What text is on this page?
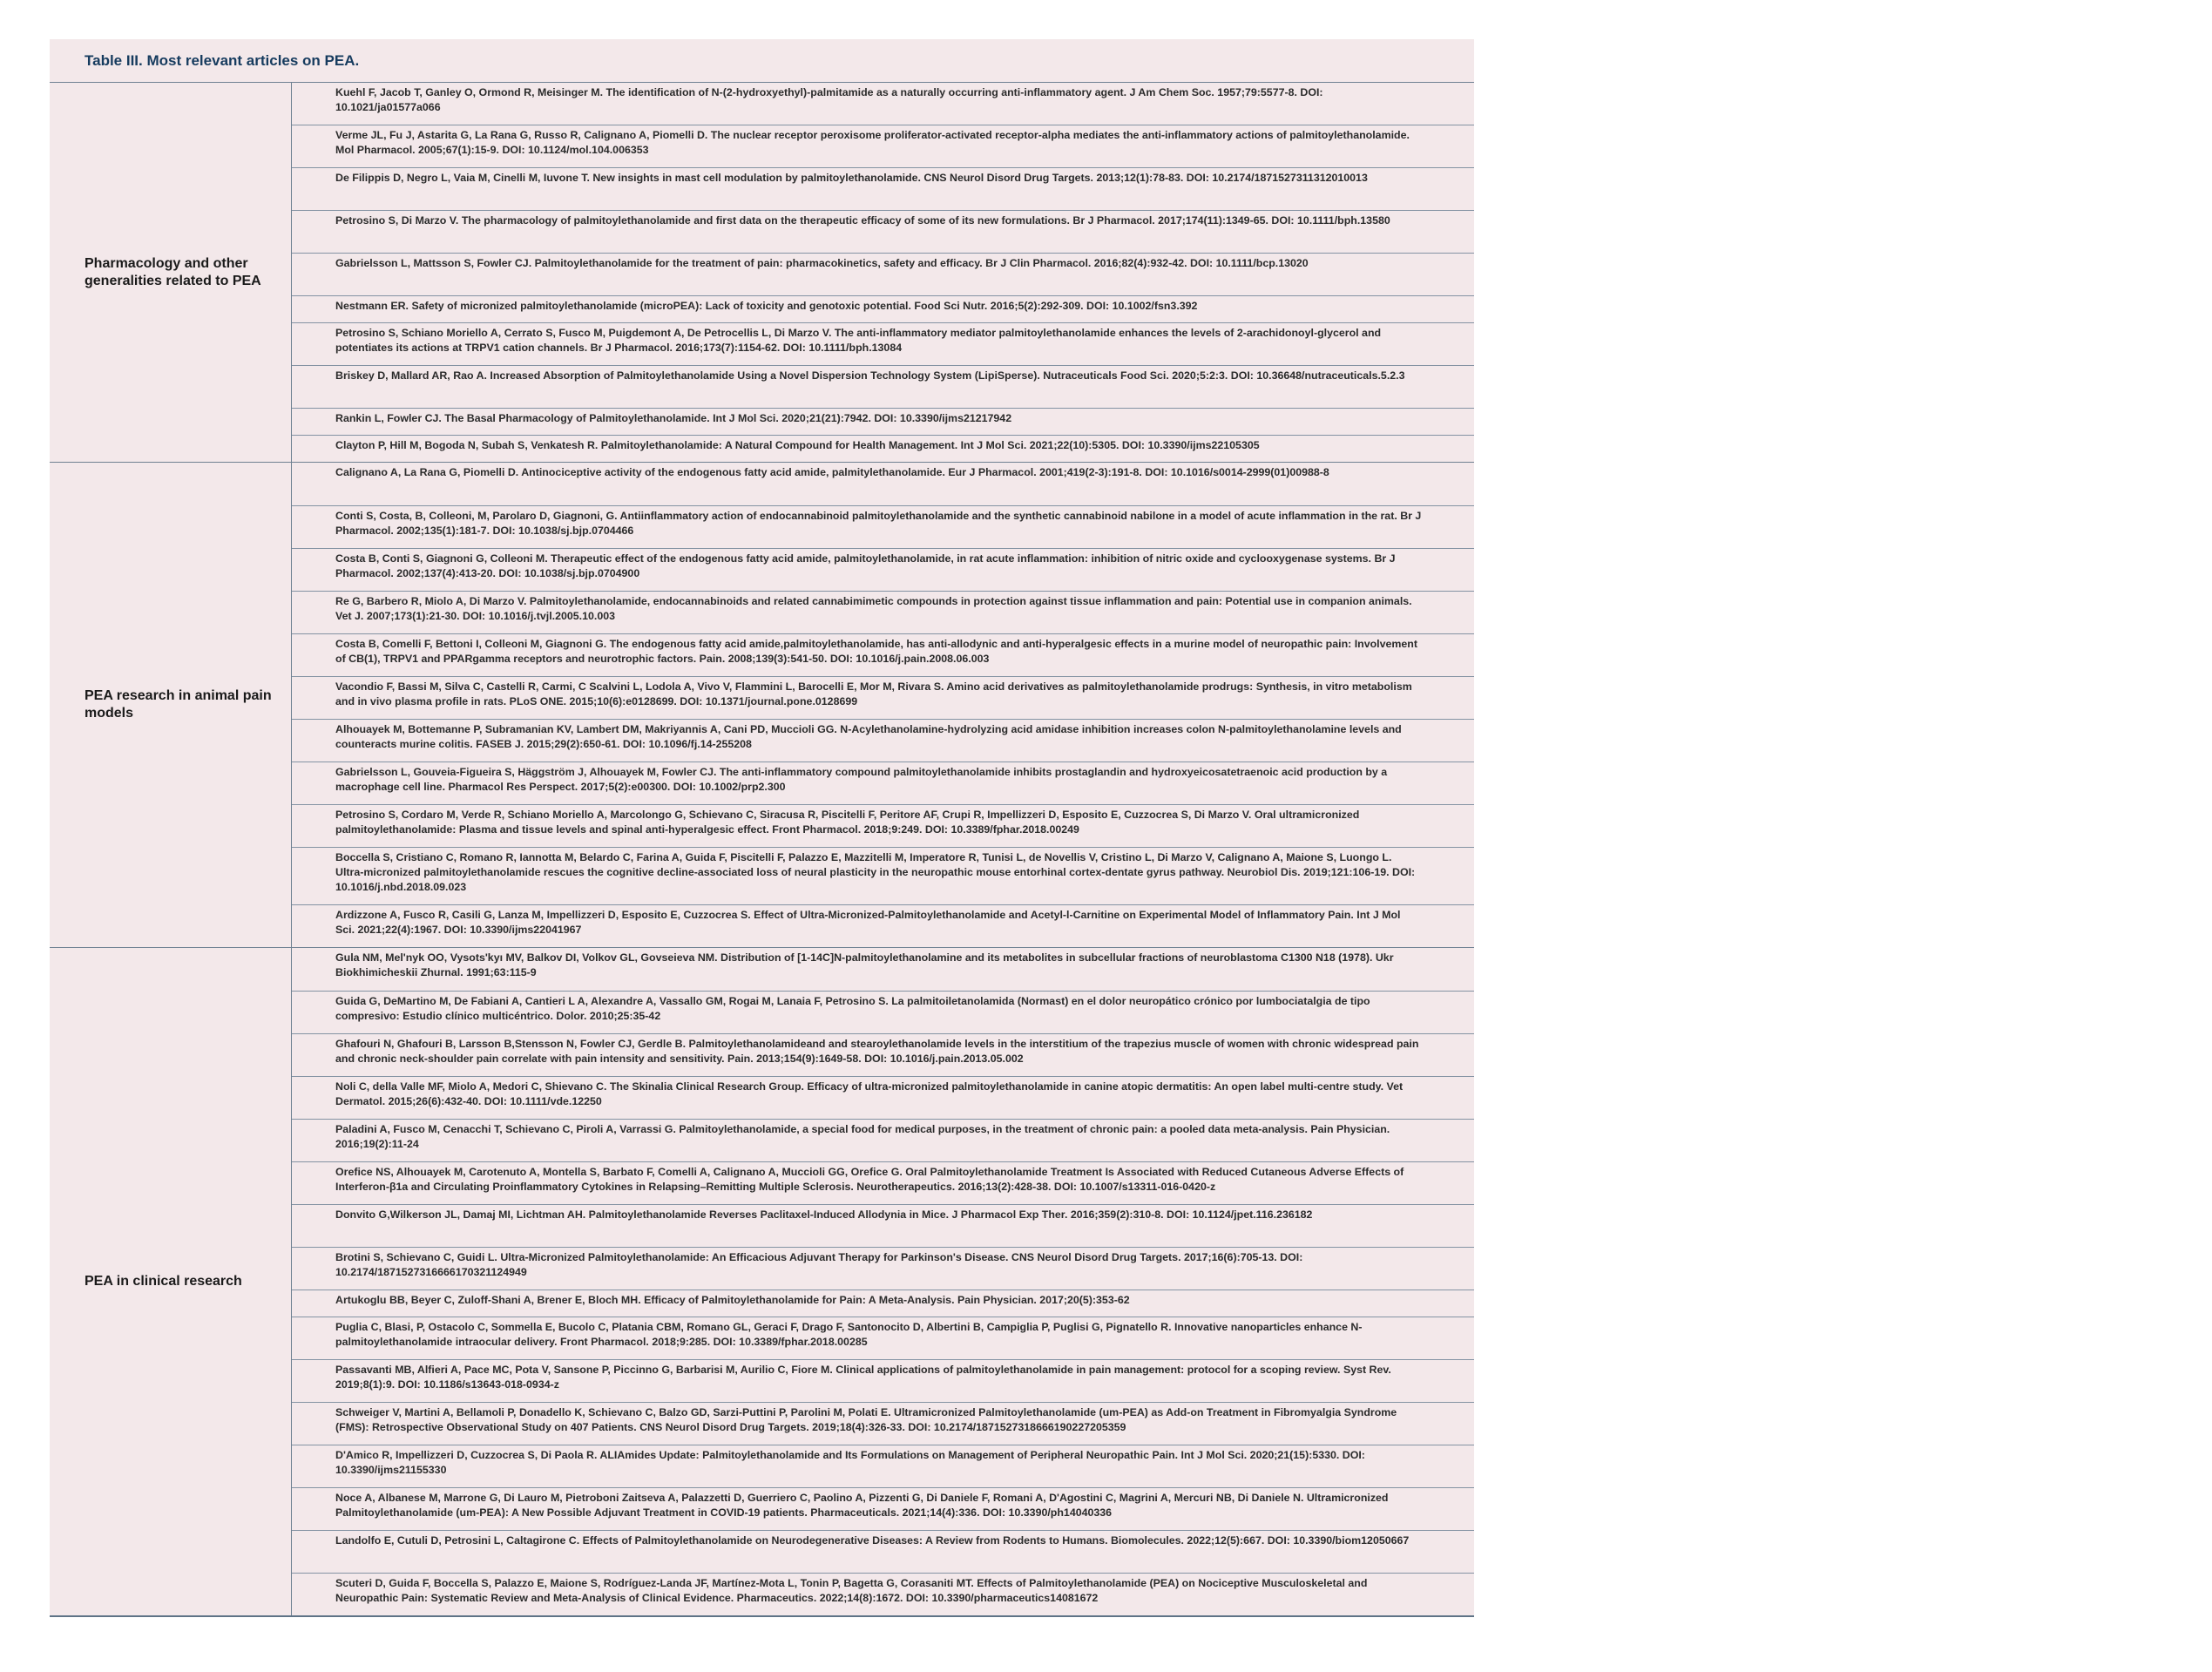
Table III. Most relevant articles on PEA.
Pharmacology and other generalities related to PEA
Kuehl F, Jacob T, Ganley O, Ormond R, Meisinger M. The identification of N-(2-hydroxyethyl)-palmitamide as a naturally occurring anti-inflammatory agent. J Am Chem Soc. 1957;79:5577-8. DOI: 10.1021/ja01577a066
Verme JL, Fu J, Astarita G, La Rana G, Russo R, Calignano A, Piomelli D. The nuclear receptor peroxisome proliferator-activated receptor-alpha mediates the anti-inflammatory actions of palmitoylethanolamide. Mol Pharmacol. 2005;67(1):15-9. DOI: 10.1124/mol.104.006353
De Filippis D, Negro L, Vaia M, Cinelli M, Iuvone T. New insights in mast cell modulation by palmitoylethanolamide. CNS Neurol Disord Drug Targets. 2013;12(1):78-83. DOI: 10.2174/1871527311312010013
Petrosino S, Di Marzo V. The pharmacology of palmitoylethanolamide and first data on the therapeutic efficacy of some of its new formulations. Br J Pharmacol. 2017;174(11):1349-65. DOI: 10.1111/bph.13580
Gabrielsson L, Mattsson S, Fowler CJ. Palmitoylethanolamide for the treatment of pain: pharmacokinetics, safety and efficacy. Br J Clin Pharmacol. 2016;82(4):932-42. DOI: 10.1111/bcp.13020
Nestmann ER. Safety of micronized palmitoylethanolamide (microPEA): Lack of toxicity and genotoxic potential. Food Sci Nutr. 2016;5(2):292-309. DOI: 10.1002/fsn3.392
Petrosino S, Schiano Moriello A, Cerrato S, Fusco M, Puigdemont A, De Petrocellis L, Di Marzo V. The anti-inflammatory mediator palmitoylethanolamide enhances the levels of 2-arachidonoyl-glycerol and potentiates its actions at TRPV1 cation channels. Br J Pharmacol. 2016;173(7):1154-62. DOI: 10.1111/bph.13084
Briskey D, Mallard AR, Rao A. Increased Absorption of Palmitoylethanolamide Using a Novel Dispersion Technology System (LipiSperse). Nutraceuticals Food Sci. 2020;5:2:3. DOI: 10.36648/nutraceuticals.5.2.3
Rankin L, Fowler CJ. The Basal Pharmacology of Palmitoylethanolamide. Int J Mol Sci. 2020;21(21):7942. DOI: 10.3390/ijms21217942
Clayton P, Hill M, Bogoda N, Subah S, Venkatesh R. Palmitoylethanolamide: A Natural Compound for Health Management. Int J Mol Sci. 2021;22(10):5305. DOI: 10.3390/ijms22105305
PEA research in animal pain models
Calignano A, La Rana G, Piomelli D. Antinociceptive activity of the endogenous fatty acid amide, palmitylethanolamide. Eur J Pharmacol. 2001;419(2-3):191-8. DOI: 10.1016/s0014-2999(01)00988-8
Conti S, Costa, B, Colleoni, M, Parolaro D, Giagnoni, G. Antiinflammatory action of endocannabinoid palmitoylethanolamide and the synthetic cannabinoid nabilone in a model of acute inflammation in the rat. Br J Pharmacol. 2002;135(1):181-7. DOI: 10.1038/sj.bjp.0704466
Costa B, Conti S, Giagnoni G, Colleoni M. Therapeutic effect of the endogenous fatty acid amide, palmitoylethanolamide, in rat acute inflammation: inhibition of nitric oxide and cyclooxygenase systems. Br J Pharmacol. 2002;137(4):413-20. DOI: 10.1038/sj.bjp.0704900
Re G, Barbero R, Miolo A, Di Marzo V. Palmitoylethanolamide, endocannabinoids and related cannabimimetic compounds in protection against tissue inflammation and pain: Potential use in companion animals. Vet J. 2007;173(1):21-30. DOI: 10.1016/j.tvjl.2005.10.003
Costa B, Comelli F, Bettoni I, Colleoni M, Giagnoni G. The endogenous fatty acid amide,palmitoylethanolamide, has anti-allodynic and anti-hyperalgesic effects in a murine model of neuropathic pain: Involvement of CB(1), TRPV1 and PPARgamma receptors and neurotrophic factors. Pain. 2008;139(3):541-50. DOI: 10.1016/j.pain.2008.06.003
Vacondio F, Bassi M, Silva C, Castelli R, Carmi, C Scalvini L, Lodola A, Vivo V, Flammini L, Barocelli E, Mor M, Rivara S. Amino acid derivatives as palmitoylethanolamide prodrugs: Synthesis, in vitro metabolism and in vivo plasma profile in rats. PLoS ONE. 2015;10(6):e0128699. DOI: 10.1371/journal.pone.0128699
Alhouayek M, Bottemanne P, Subramanian KV, Lambert DM, Makriyannis A, Cani PD, Muccioli GG. N-Acylethanolamine-hydrolyzing acid amidase inhibition increases colon N-palmitoylethanolamine levels and counteracts murine colitis. FASEB J. 2015;29(2):650-61. DOI: 10.1096/fj.14-255208
Gabrielsson L, Gouveia-Figueira S, Häggström J, Alhouayek M, Fowler CJ. The anti-inflammatory compound palmitoylethanolamide inhibits prostaglandin and hydroxyeicosatetraenoic acid production by a macrophage cell line. Pharmacol Res Perspect. 2017;5(2):e00300. DOI: 10.1002/prp2.300
Petrosino S, Cordaro M, Verde R, Schiano Moriello A, Marcolongo G, Schievano C, Siracusa R, Piscitelli F, Peritore AF, Crupi R, Impellizzeri D, Esposito E, Cuzzocrea S, Di Marzo V. Oral ultramicronized palmitoylethanolamide: Plasma and tissue levels and spinal anti-hyperalgesic effect. Front Pharmacol. 2018;9:249. DOI: 10.3389/fphar.2018.00249
Boccella S, Cristiano C, Romano R, Iannotta M, Belardo C, Farina A, Guida F, Piscitelli F, Palazzo E, Mazzitelli M, Imperatore R, Tunisi L, de Novellis V, Cristino L, Di Marzo V, Calignano A, Maione S, Luongo L. Ultra-micronized palmitoylethanolamide rescues the cognitive decline-associated loss of neural plasticity in the neuropathic mouse entorhinal cortex-dentate gyrus pathway. Neurobiol Dis. 2019;121:106-19. DOI: 10.1016/j.nbd.2018.09.023
Ardizzone A, Fusco R, Casili G, Lanza M, Impellizzeri D, Esposito E, Cuzzocrea S. Effect of Ultra-Micronized-Palmitoylethanolamide and Acetyl-l-Carnitine on Experimental Model of Inflammatory Pain. Int J Mol Sci. 2021;22(4):1967. DOI: 10.3390/ijms22041967
PEA in clinical research
Gula NM, Mel'nyk OO, Vysots'kyı MV, Balkov DI, Volkov GL, Govseieva NM. Distribution of [1-14C]N-palmitoylethanolamine and its metabolites in subcellular fractions of neuroblastoma C1300 N18 (1978). Ukr Biokhimicheskii Zhurnal. 1991;63:115-9
Guida G, DeMartino M, De Fabiani A, Cantieri L A, Alexandre A, Vassallo GM, Rogai M, Lanaia F, Petrosino S. La palmitoiletanolamida (Normast) en el dolor neuropático crónico por lumbociatalgia de tipo compresivo: Estudio clínico multicéntrico. Dolor. 2010;25:35-42
Ghafouri N, Ghafouri B, Larsson B,Stensson N, Fowler CJ, Gerdle B. Palmitoylethanolamideand and stearoylethanolamide levels in the interstitium of the trapezius muscle of women with chronic widespread pain and chronic neck-shoulder pain correlate with pain intensity and sensitivity. Pain. 2013;154(9):1649-58. DOI: 10.1016/j.pain.2013.05.002
Noli C, della Valle MF, Miolo A, Medori C, Shievano C. The Skinalia Clinical Research Group. Efficacy of ultra-micronized palmitoylethanolamide in canine atopic dermatitis: An open label multi-centre study. Vet Dermatol. 2015;26(6):432-40. DOI: 10.1111/vde.12250
Paladini A, Fusco M, Cenacchi T, Schievano C, Piroli A, Varrassi G. Palmitoylethanolamide, a special food for medical purposes, in the treatment of chronic pain: a pooled data meta-analysis. Pain Physician. 2016;19(2):11-24
Orefice NS, Alhouayek M, Carotenuto A, Montella S, Barbato F, Comelli A, Calignano A, Muccioli GG, Orefice G. Oral Palmitoylethanolamide Treatment Is Associated with Reduced Cutaneous Adverse Effects of Interferon-β1a and Circulating Proinflammatory Cytokines in Relapsing–Remitting Multiple Sclerosis. Neurotherapeutics. 2016;13(2):428-38. DOI: 10.1007/s13311-016-0420-z
Donvito G,Wilkerson JL, Damaj MI, Lichtman AH. Palmitoylethanolamide Reverses Paclitaxel-Induced Allodynia in Mice. J Pharmacol Exp Ther. 2016;359(2):310-8. DOI: 10.1124/jpet.116.236182
Brotini S, Schievano C, Guidi L. Ultra-Micronized Palmitoylethanolamide: An Efficacious Adjuvant Therapy for Parkinson's Disease. CNS Neurol Disord Drug Targets. 2017;16(6):705-13. DOI: 10.2174/1871527316666170321124949
Artukoglu BB, Beyer C, Zuloff-Shani A, Brener E, Bloch MH. Efficacy of Palmitoylethanolamide for Pain: A Meta-Analysis. Pain Physician. 2017;20(5):353-62
Puglia C, Blasi, P, Ostacolo C, Sommella E, Bucolo C, Platania CBM, Romano GL, Geraci F, Drago F, Santonocito D, Albertini B, Campiglia P, Puglisi G, Pignatello R. Innovative nanoparticles enhance N-palmitoylethanolamide intraocular delivery. Front Pharmacol. 2018;9:285. DOI: 10.3389/fphar.2018.00285
Passavanti MB, Alfieri A, Pace MC, Pota V, Sansone P, Piccinno G, Barbarisi M, Aurilio C, Fiore M. Clinical applications of palmitoylethanolamide in pain management: protocol for a scoping review. Syst Rev. 2019;8(1):9. DOI: 10.1186/s13643-018-0934-z
Schweiger V, Martini A, Bellamoli P, Donadello K, Schievano C, Balzo GD, Sarzi-Puttini P, Parolini M, Polati E. Ultramicronized Palmitoylethanolamide (um-PEA) as Add-on Treatment in Fibromyalgia Syndrome (FMS): Retrospective Observational Study on 407 Patients. CNS Neurol Disord Drug Targets. 2019;18(4):326-33. DOI: 10.2174/1871527318666190227205359
D'Amico R, Impellizzeri D, Cuzzocrea S, Di Paola R. ALIAmides Update: Palmitoylethanolamide and Its Formulations on Management of Peripheral Neuropathic Pain. Int J Mol Sci. 2020;21(15):5330. DOI: 10.3390/ijms21155330
Noce A, Albanese M, Marrone G, Di Lauro M, Pietroboni Zaitseva A, Palazzetti D, Guerriero C, Paolino A, Pizzenti G, Di Daniele F, Romani A, D'Agostini C, Magrini A, Mercuri NB, Di Daniele N. Ultramicronized Palmitoylethanolamide (um-PEA): A New Possible Adjuvant Treatment in COVID-19 patients. Pharmaceuticals. 2021;14(4):336. DOI: 10.3390/ph14040336
Landolfo E, Cutuli D, Petrosini L, Caltagirone C. Effects of Palmitoylethanolamide on Neurodegenerative Diseases: A Review from Rodents to Humans. Biomolecules. 2022;12(5):667. DOI: 10.3390/biom12050667
Scuteri D, Guida F, Boccella S, Palazzo E, Maione S, Rodríguez-Landa JF, Martínez-Mota L, Tonin P, Bagetta G, Corasaniti MT. Effects of Palmitoylethanolamide (PEA) on Nociceptive Musculoskeletal and Neuropathic Pain: Systematic Review and Meta-Analysis of Clinical Evidence. Pharmaceutics. 2022;14(8):1672. DOI: 10.3390/pharmaceutics14081672
